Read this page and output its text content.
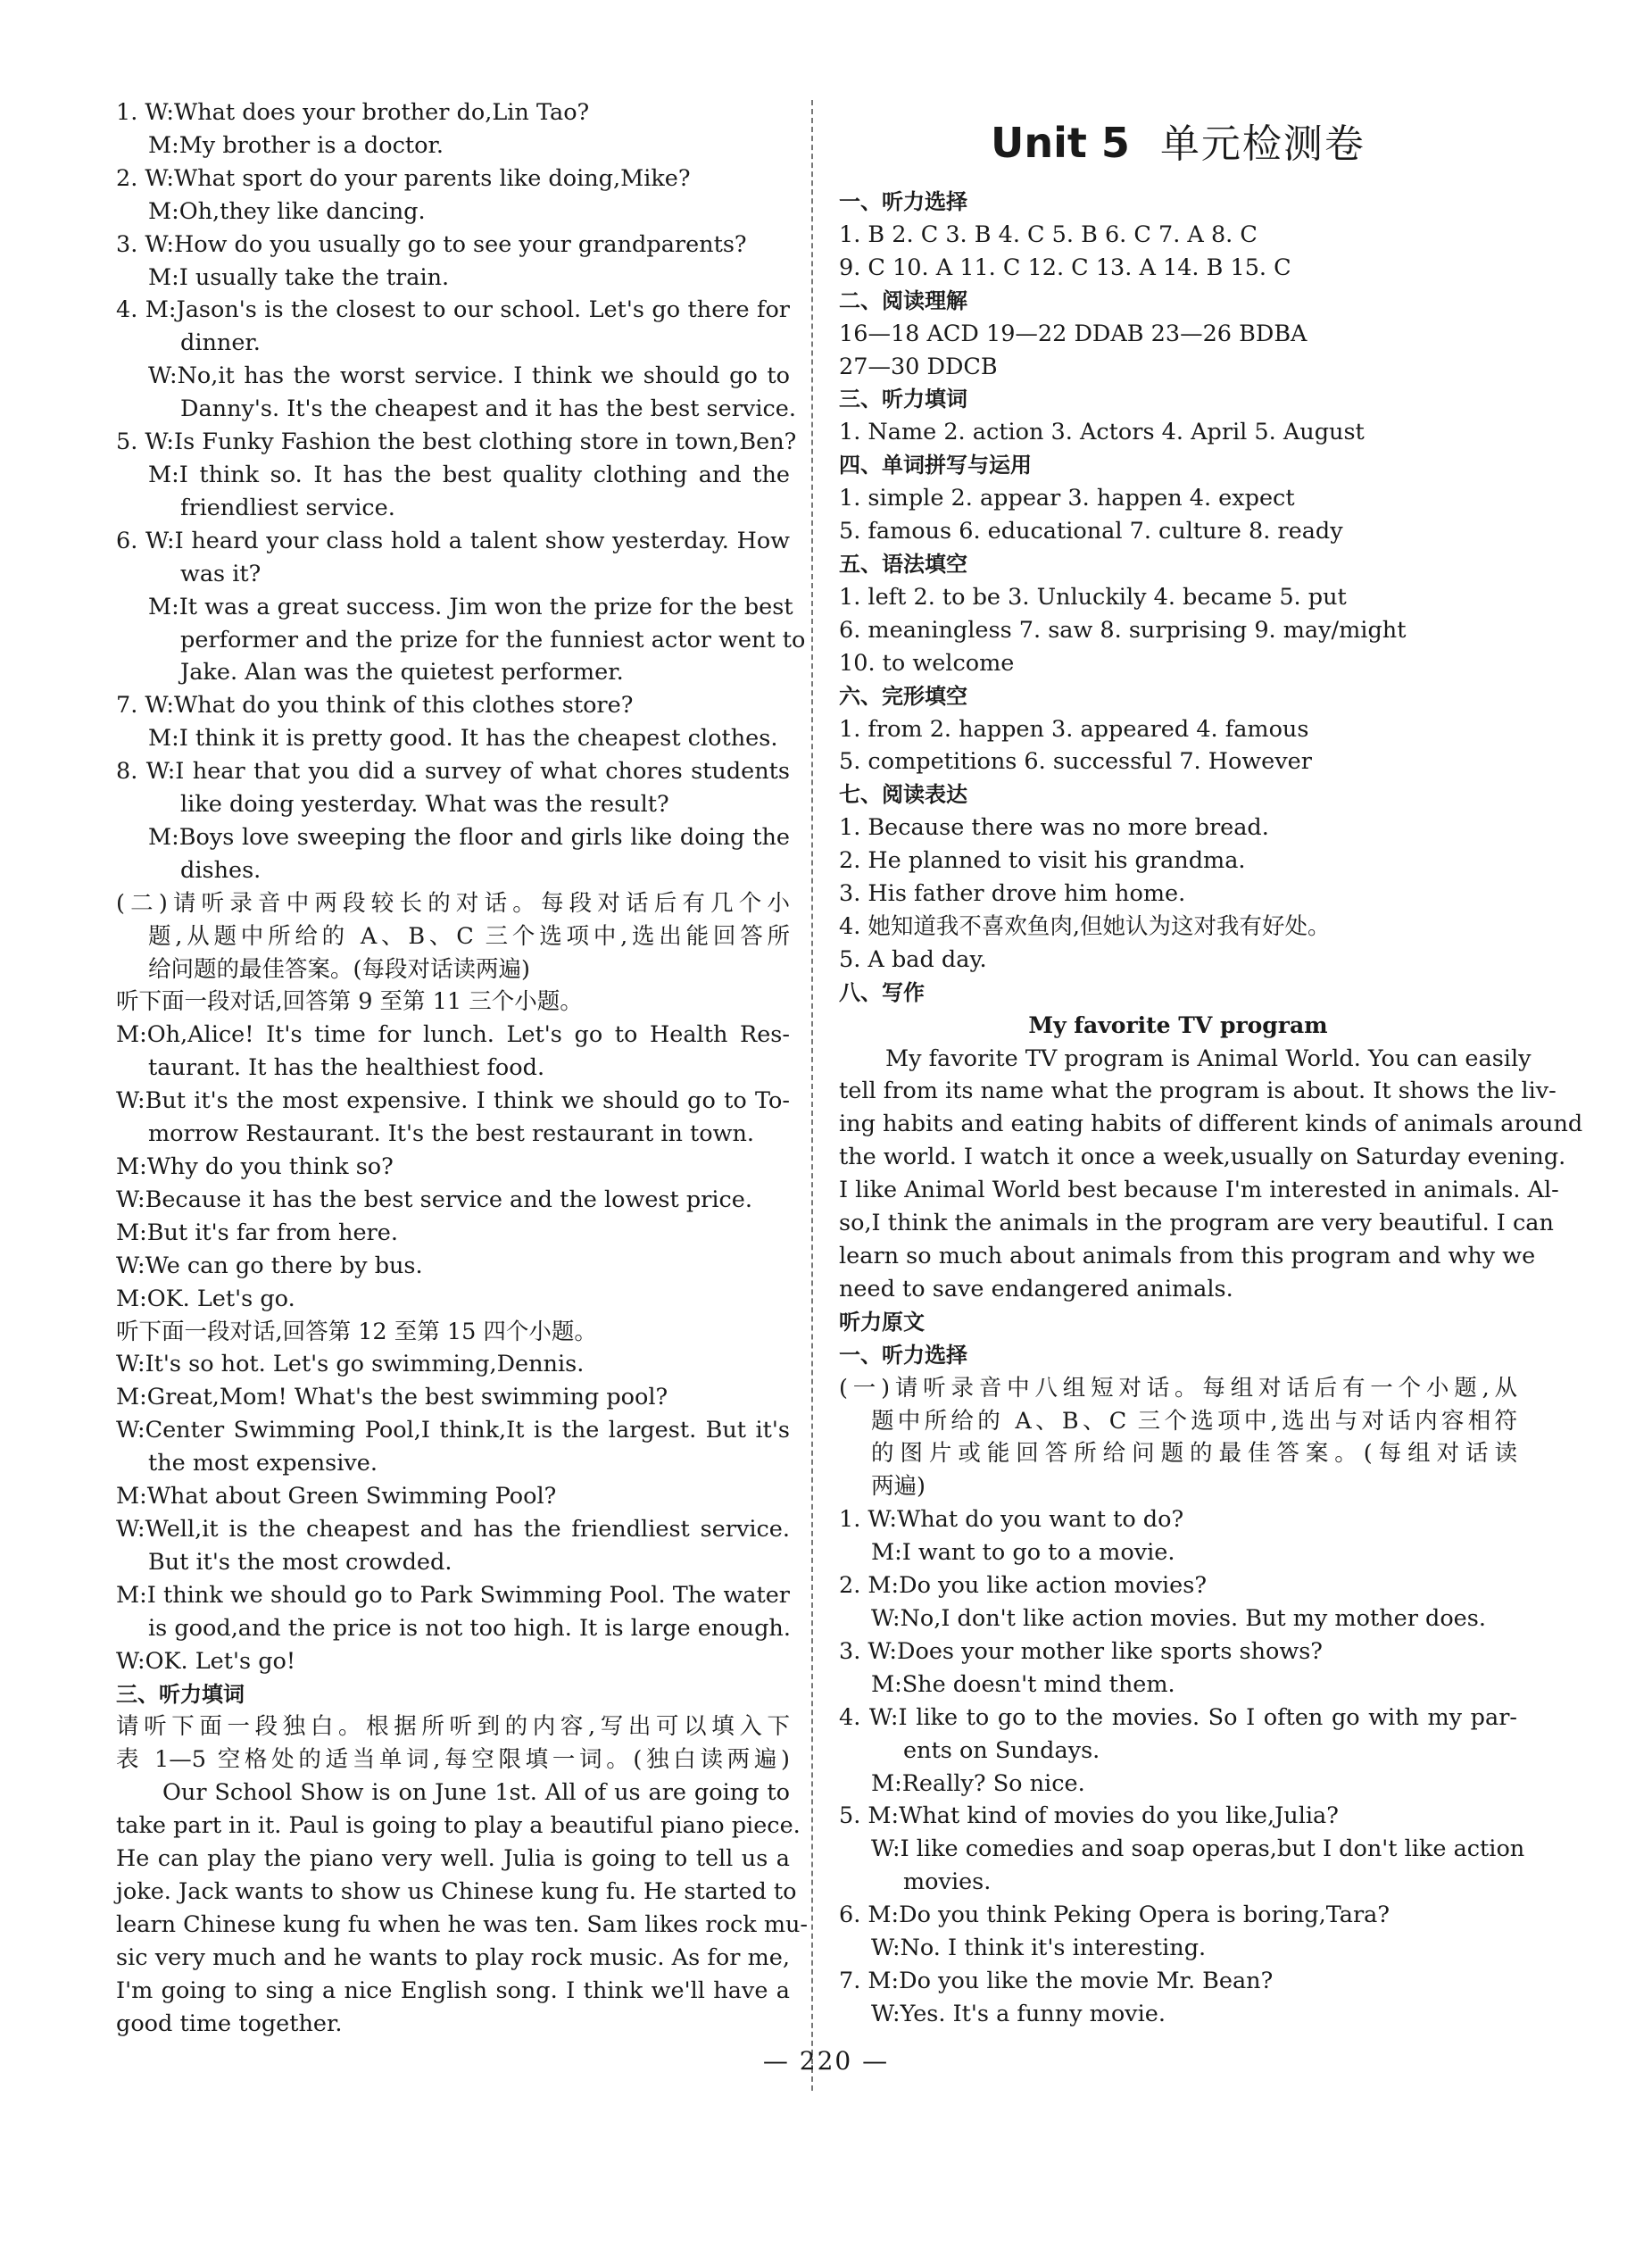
1. W:What does your brother do,Lin Tao?
M:My brother is a doctor.
2. W:What sport do your parents like doing,Mike?
M:Oh,they like dancing.
3. W:How do you usually go to see your grandparents?
M:I usually take the train.
4. M:Jason's is the closest to our school. Let's go there for
dinner.
W:No,it has the worst service. I think we should go to
Danny's. It's the cheapest and it has the best service.
5. W:Is Funky Fashion the best clothing store in town,Ben?
M:I think so. It has the best quality clothing and the
friendliest service.
6. W:I heard your class hold a talent show yesterday. How
was it?
M:It was a great success. Jim won the prize for the best
performer and the prize for the funniest actor went to
Jake. Alan was the quietest performer.
7. W:What do you think of this clothes store?
M:I think it is pretty good. It has the cheapest clothes.
8. W:I hear that you did a survey of what chores students
like doing yesterday. What was the result?
M:Boys love sweeping the floor and girls like doing the
dishes.
(二)请听录音中两段较长的对话。每段对话后有几个小
题,从题中所给的 A、B、C 三个选项中,选出能回答所
给问题的最佳答案。(每段对话读两遍)
听下面一段对话,回答第 9 至第 11 三个小题。
M:Oh,Alice! It's time for lunch. Let's go to Health Res-
taurant. It has the healthiest food.
W:But it's the most expensive. I think we should go to To-
morrow Restaurant. It's the best restaurant in town.
M:Why do you think so?
W:Because it has the best service and the lowest price.
M:But it's far from here.
W:We can go there by bus.
M:OK. Let's go.
听下面一段对话,回答第 12 至第 15 四个小题。
W:It's so hot. Let's go swimming,Dennis.
M:Great,Mom! What's the best swimming pool?
W:Center Swimming Pool,I think,It is the largest. But it's
the most expensive.
M:What about Green Swimming Pool?
W:Well,it is the cheapest and has the friendliest service.
But it's the most crowded.
M:I think we should go to Park Swimming Pool. The water
is good,and the price is not too high. It is large enough.
W:OK. Let's go!
三、听力填词
请听下面一段独白。根据所听到的内容,写出可以填入下
表 1—5 空格处的适当单词,每空限填一词。(独白读两遍)
Our School Show is on June 1st. All of us are going to
take part in it. Paul is going to play a beautiful piano piece.
He can play the piano very well. Julia is going to tell us a
joke. Jack wants to show us Chinese kung fu. He started to
learn Chinese kung fu when he was ten. Sam likes rock mu-
sic very much and he wants to play rock music. As for me,
I'm going to sing a nice English song. I think we'll have a
good time together.
Unit 5 单元检测卷
一、听力选择
1. B 2. C 3. B 4. C 5. B 6. C 7. A 8. C
9. C 10. A 11. C 12. C 13. A 14. B 15. C
二、阅读理解
16—18 ACD 19—22 DDAB 23—26 BDBA
27—30 DDCB
三、听力填词
1. Name 2. action 3. Actors 4. April 5. August
四、单词拼写与运用
1. simple 2. appear 3. happen 4. expect
5. famous 6. educational 7. culture 8. ready
五、语法填空
1. left 2. to be 3. Unluckily 4. became 5. put
6. meaningless 7. saw 8. surprising 9. may/might
10. to welcome
六、完形填空
1. from 2. happen 3. appeared 4. famous
5. competitions 6. successful 7. However
七、阅读表达
1. Because there was no more bread.
2. He planned to visit his grandma.
3. His father drove him home.
4. 她知道我不喜欢鱼肉,但她认为这对我有好处。
5. A bad day.
八、写作
My favorite TV program
My favorite TV program is Animal World. You can easily
tell from its name what the program is about. It shows the liv-
ing habits and eating habits of different kinds of animals around
the world. I watch it once a week,usually on Saturday evening.
I like Animal World best because I'm interested in animals. Al-
so,I think the animals in the program are very beautiful. I can
learn so much about animals from this program and why we
need to save endangered animals.
听力原文
一、听力选择
(一)请听录音中八组短对话。每组对话后有一个小题,从
题中所给的 A、B、C 三个选项中,选出与对话内容相符
的图片或能回答所给问题的最佳答案。(每组对话读
两遍)
1. W:What do you want to do?
M:I want to go to a movie.
2. M:Do you like action movies?
W:No,I don't like action movies. But my mother does.
3. W:Does your mother like sports shows?
M:She doesn't mind them.
4. W:I like to go to the movies. So I often go with my par-
ents on Sundays.
M:Really? So nice.
5. M:What kind of movies do you like,Julia?
W:I like comedies and soap operas,but I don't like action
movies.
6. M:Do you think Peking Opera is boring,Tara?
W:No. I think it's interesting.
7. M:Do you like the movie Mr. Bean?
W:Yes. It's a funny movie.
— 220 —
